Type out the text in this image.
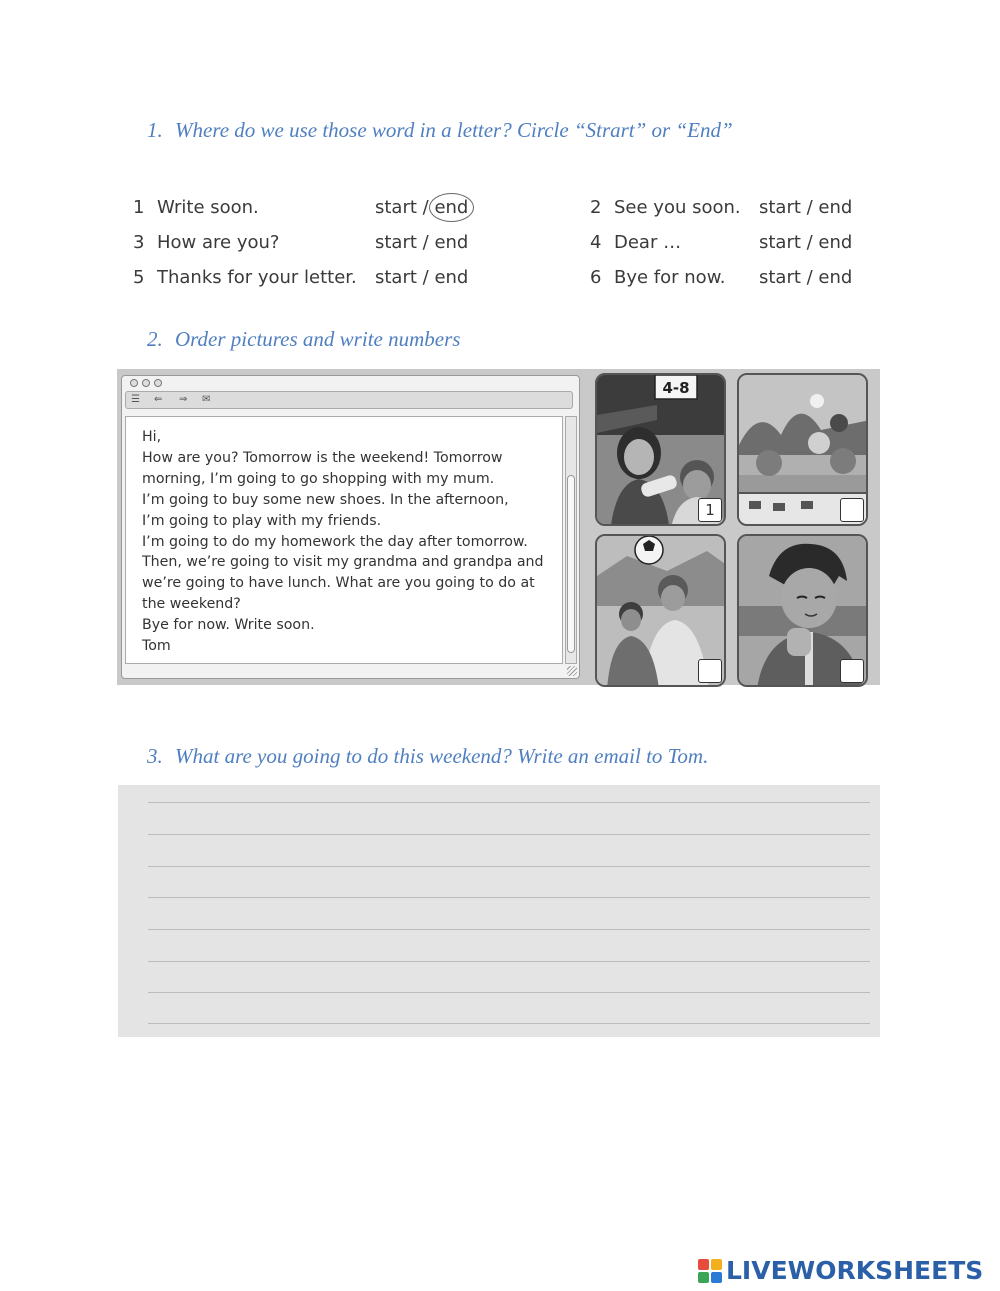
1. Where do we use those word in a letter? Circle “Strart” or “End”
2. Order pictures and write numbers
3. What are you going to do this weekend? Write an email to Tom.
1 Write soon.	start / end
3 How are you?	start / end
5 Thanks for your letter. start / end
2 See you soon. start / end
4 Dear …	start / end
6 Bye for now. start / end
☰	⇐	⇒	✉
Hi,
How are you? Tomorrow is the weekend! Tomorrow
morning, I’m going to go shopping with my mum.
I’m going to buy some new shoes. In the afternoon,
I’m going to play with my friends.
I’m going to do my homework the day after tomorrow.
Then, we’re going to visit my grandma and grandpa and
we’re going to have lunch. What are you going to do at
the weekend?
Bye for now. Write soon.
Tom
4-8
1
LIVEWORKSHEETS
